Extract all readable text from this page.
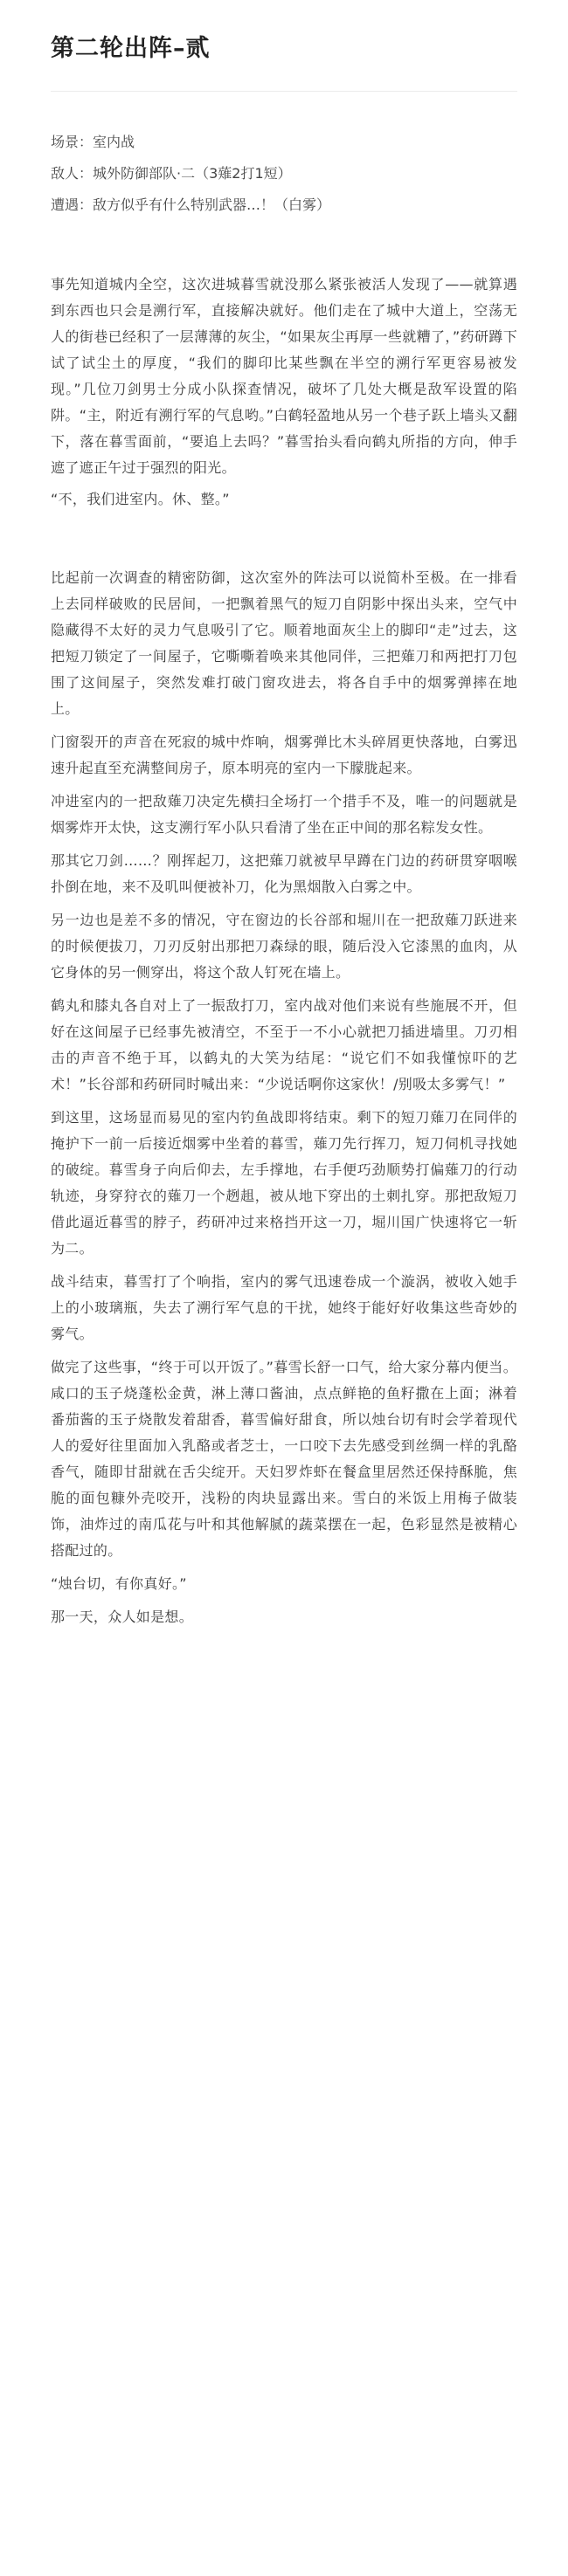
第二轮出阵–贰

场景：室内战

敌人：城外防御部队·二（3薙2打1短）

遭遇：敌方似乎有什么特别武器…！（白雾）

事先知道城内全空，这次进城暮雪就没那么紧张被活人发现了——就算遇到东西也只会是溯行军，直接解决就好。他们走在了城中大道上，空荡无人的街巷已经积了一层薄薄的灰尘，“如果灰尘再厚一些就糟了，”药研蹲下试了试尘土的厚度，“我们的脚印比某些飘在半空的溯行军更容易被发现。”几位刀剑男士分成小队探查情况，破坏了几处大概是敌军设置的陷阱。“主，附近有溯行军的气息哟。”白鹤轻盈地从另一个巷子跃上墙头又翻下，落在暮雪面前，“要追上去吗？”暮雪抬头看向鹤丸所指的方向，伸手遮了遮正午过于强烈的阳光。

“不，我们进室内。休、整。”

比起前一次调查的精密防御，这次室外的阵法可以说简朴至极。在一排看上去同样破败的民居间，一把飘着黑气的短刀自阴影中探出头来，空气中隐藏得不太好的灵力气息吸引了它。顺着地面灰尘上的脚印“走”过去，这把短刀锁定了一间屋子，它嘶嘶着唤来其他同伴，三把薙刀和两把打刀包围了这间屋子，突然发难打破门窗攻进去，将各自手中的烟雾弹摔在地上。

门窗裂开的声音在死寂的城中炸响，烟雾弹比木头碎屑更快落地，白雾迅速升起直至充满整间房子，原本明亮的室内一下朦胧起来。

冲进室内的一把敌薙刀决定先横扫全场打一个措手不及，唯一的问题就是烟雾炸开太快，这支溯行军小队只看清了坐在正中间的那名粽发女性。

那其它刀剑……？刚挥起刀，这把薙刀就被早早蹲在门边的药研贯穿咽喉扑倒在地，来不及叽叫便被补刀，化为黑烟散入白雾之中。

另一边也是差不多的情况，守在窗边的长谷部和堀川在一把敌薙刀跃进来的时候便拔刀，刀刃反射出那把刀森绿的眼，随后没入它漆黑的血肉，从它身体的另一侧穿出，将这个敌人钉死在墙上。

鹤丸和膝丸各自对上了一振敌打刀，室内战对他们来说有些施展不开，但好在这间屋子已经事先被清空，不至于一不小心就把刀插进墙里。刀刃相击的声音不绝于耳，以鹤丸的大笑为结尾：“说它们不如我懂惊吓的艺术！”长谷部和药研同时喊出来：“少说话啊你这家伙！/别吸太多雾气！”

到这里，这场显而易见的室内钓鱼战即将结束。剩下的短刀薙刀在同伴的掩护下一前一后接近烟雾中坐着的暮雪，薙刀先行挥刀，短刀伺机寻找她的破绽。暮雪身子向后仰去，左手撑地，右手便巧劲顺势打偏薙刀的行动轨迹，身穿狩衣的薙刀一个趔趄，被从地下穿出的土刺扎穿。那把敌短刀借此逼近暮雪的脖子，药研冲过来格挡开这一刀，堀川国广快速将它一斩为二。

战斗结束，暮雪打了个响指，室内的雾气迅速卷成一个漩涡，被收入她手上的小玻璃瓶，失去了溯行军气息的干扰，她终于能好好收集这些奇妙的雾气。

做完了这些事，“终于可以开饭了。”暮雪长舒一口气，给大家分幕内便当。咸口的玉子烧蓬松金黄，淋上薄口酱油，点点鲜艳的鱼籽撒在上面；淋着番茄酱的玉子烧散发着甜香，暮雪偏好甜食，所以烛台切有时会学着现代人的爱好往里面加入乳酪或者芝士，一口咬下去先感受到丝绸一样的乳酪香气，随即甘甜就在舌尖绽开。天妇罗炸虾在餐盒里居然还保持酥脆，焦脆的面包糠外壳咬开，浅粉的肉块显露出来。雪白的米饭上用梅子做装饰，油炸过的南瓜花与叶和其他解腻的蔬菜摆在一起，色彩显然是被精心搭配过的。

“烛台切，有你真好。”

那一天，众人如是想。
